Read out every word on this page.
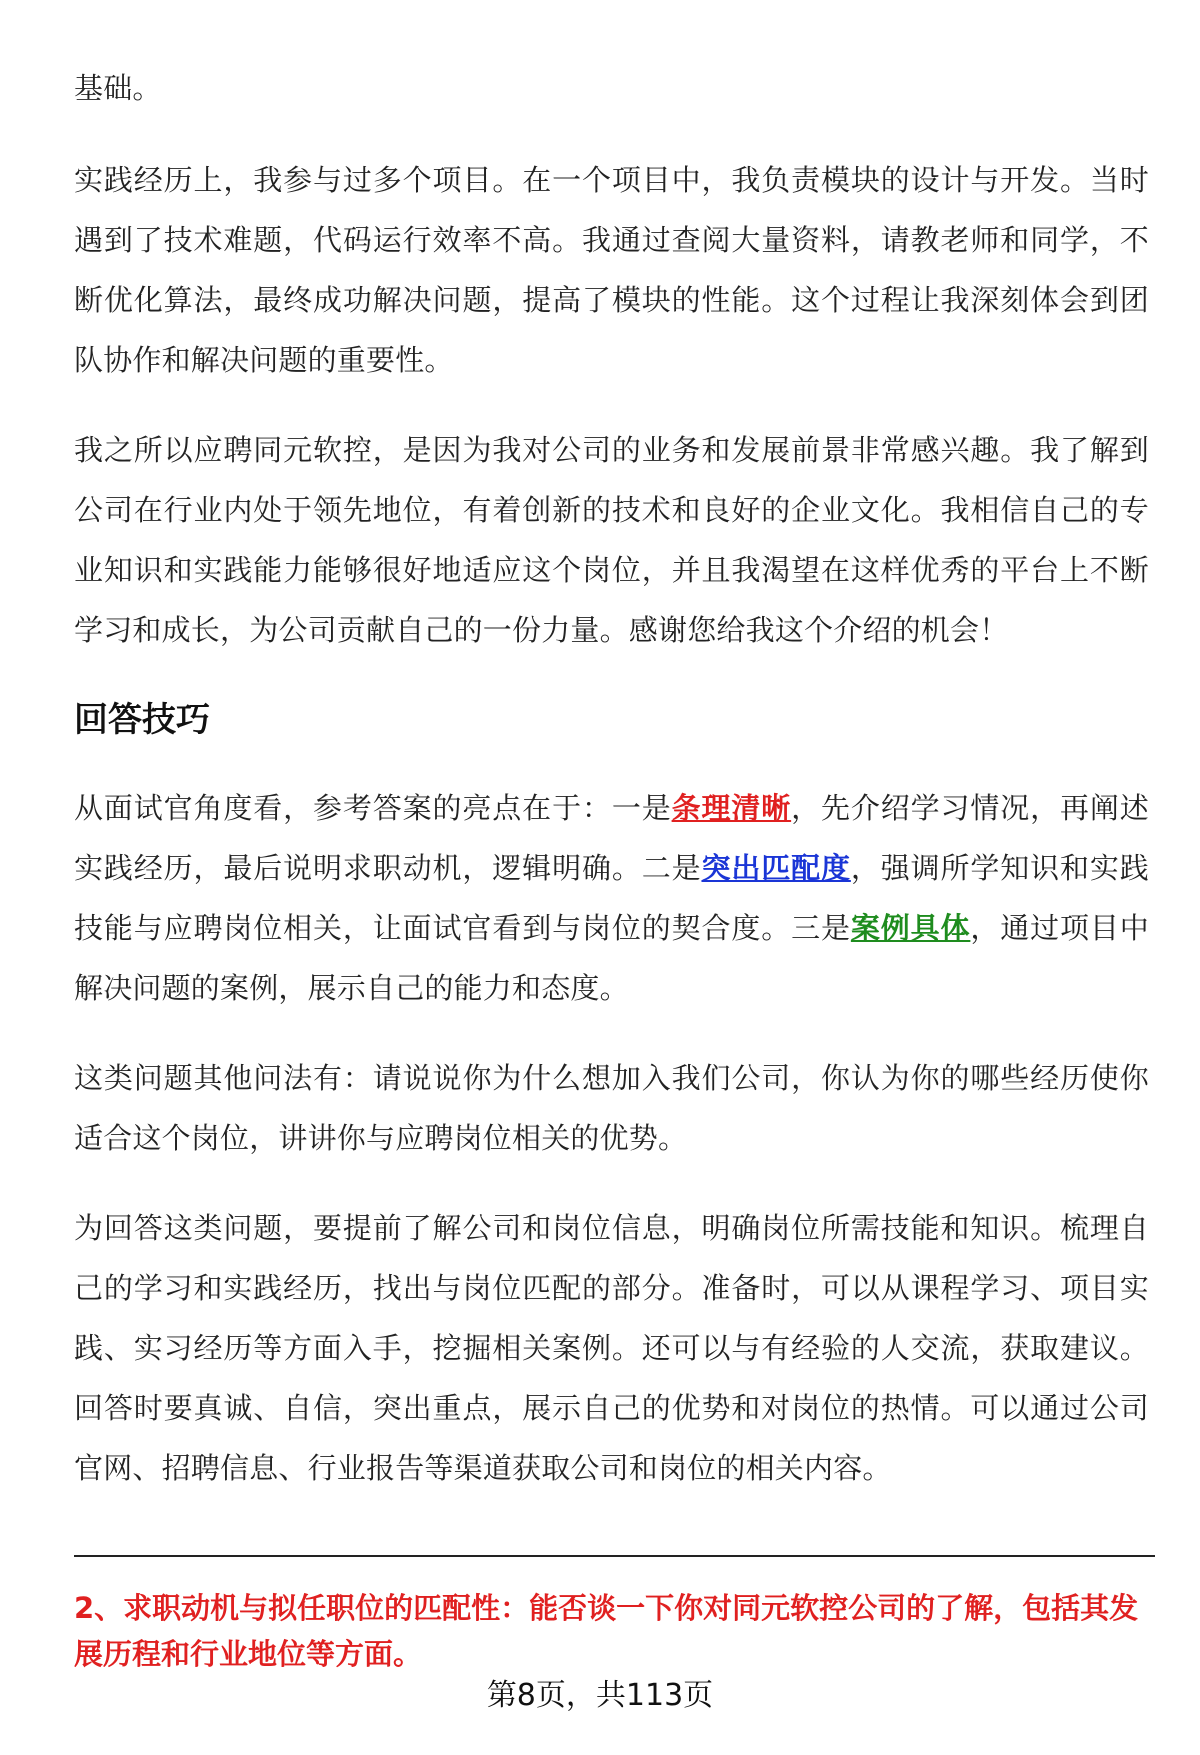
基础。

实践经历上，我参与过多个项目。在一个项目中，我负责模块的设计与开发。当时遇到了技术难题，代码运行效率不高。我通过查阅大量资料，请教老师和同学，不断优化算法，最终成功解决问题，提高了模块的性能。这个过程让我深刻体会到团队协作和解决问题的重要性。

我之所以应聘同元软控，是因为我对公司的业务和发展前景非常感兴趣。我了解到公司在行业内处于领先地位，有着创新的技术和良好的企业文化。我相信自己的专业知识和实践能力能够很好地适应这个岗位，并且我渴望在这样优秀的平台上不断学习和成长，为公司贡献自己的一份力量。感谢您给我这个介绍的机会！

回答技巧

从面试官角度看，参考答案的亮点在于：一是条理清晰，先介绍学习情况，再阐述实践经历，最后说明求职动机，逻辑明确。二是突出匹配度，强调所学知识和实践技能与应聘岗位相关，让面试官看到与岗位的契合度。三是案例具体，通过项目中解决问题的案例，展示自己的能力和态度。

这类问题其他问法有：请说说你为什么想加入我们公司，你认为你的哪些经历使你适合这个岗位，讲讲你与应聘岗位相关的优势。

为回答这类问题，要提前了解公司和岗位信息，明确岗位所需技能和知识。梳理自己的学习和实践经历，找出与岗位匹配的部分。准备时，可以从课程学习、项目实践、实习经历等方面入手，挖掘相关案例。还可以与有经验的人交流，获取建议。回答时要真诚、自信，突出重点，展示自己的优势和对岗位的热情。可以通过公司官网、招聘信息、行业报告等渠道获取公司和岗位的相关内容。

2、求职动机与拟任职位的匹配性：能否谈一下你对同元软控公司的了解，包括其发展历程和行业地位等方面。
第8页，共113页
